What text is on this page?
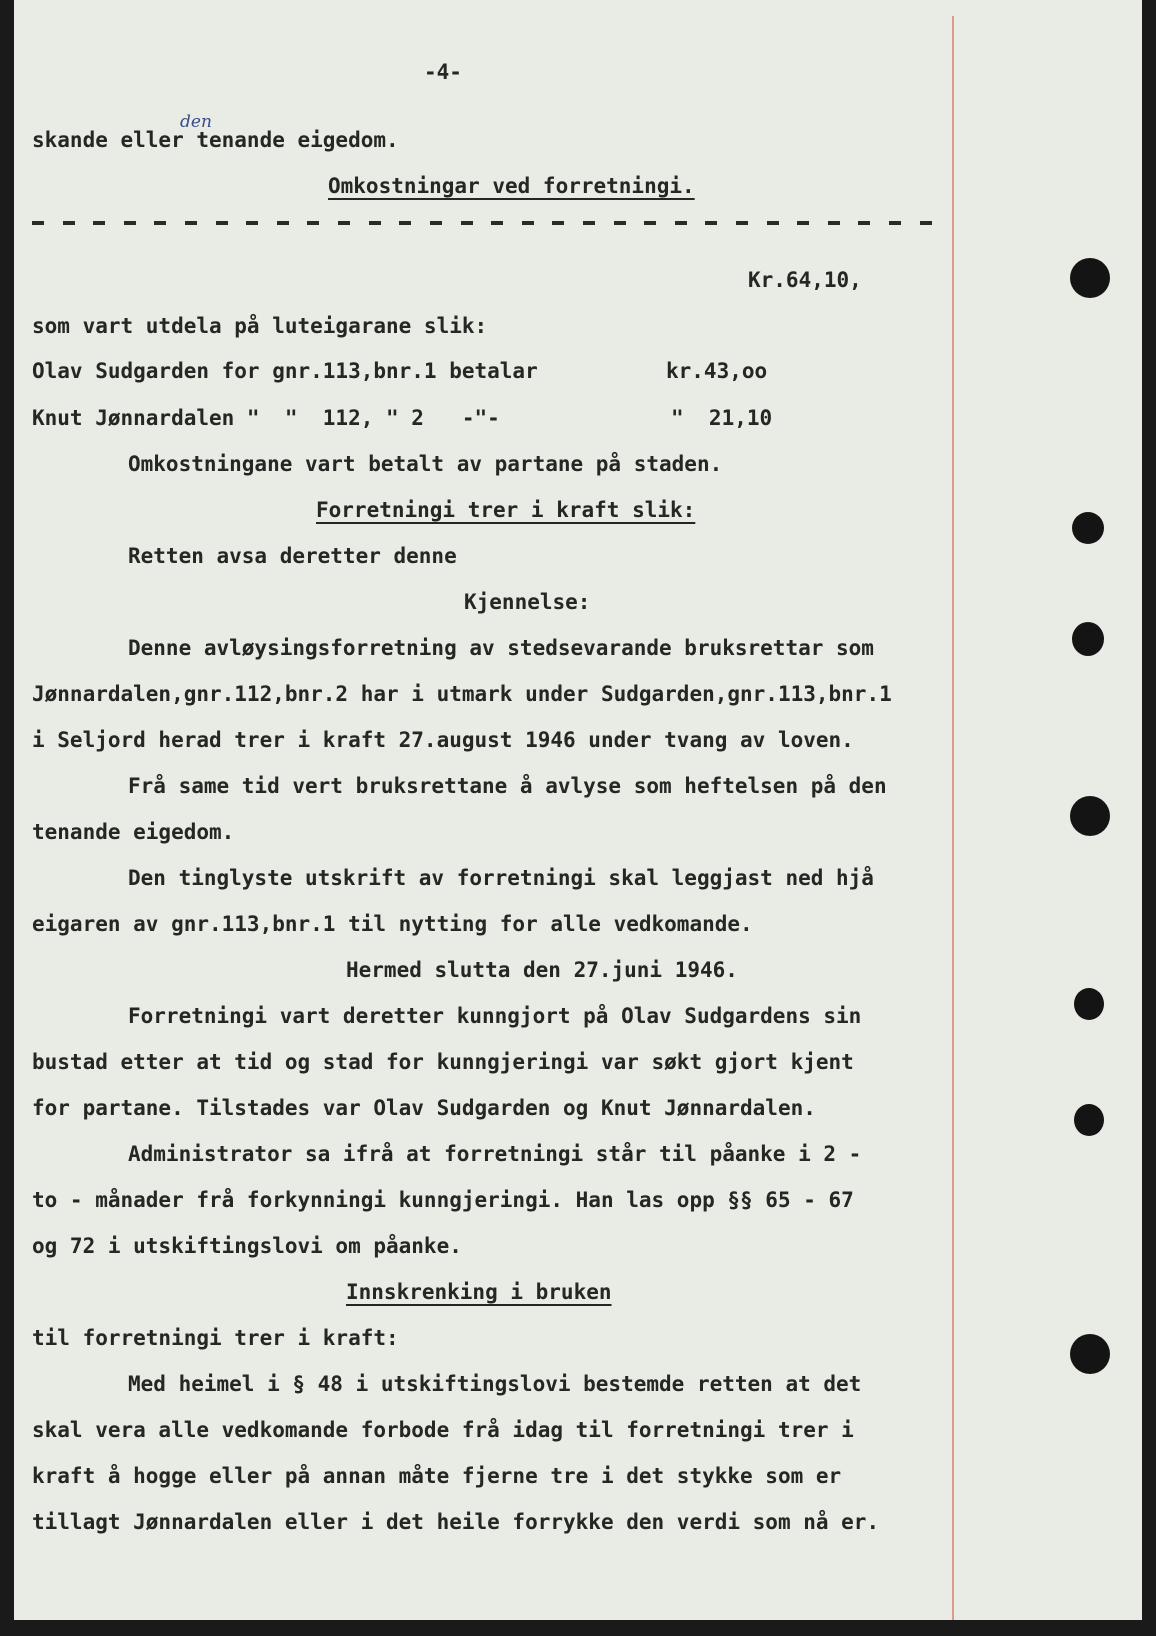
-4-
den
skande eller tenande eigedom.
Omkostningar ved forretningi.
Kr.64,10,
som vart utdela på luteigarane slik:
Olav Sudgarden for gnr.113,bnr.1 betalar	kr.43,oo
Knut Jønnardalen "  "  112, " 2   -"-	"  21,10
Omkostningane vart betalt av partane på staden.
Forretningi trer i kraft slik:
Retten avsa deretter denne
Kjennelse:
Denne avløysingsforretning av stedsevarande bruksrettar som
Jønnardalen,gnr.112,bnr.2 har i utmark under Sudgarden,gnr.113,bnr.1
i Seljord herad trer i kraft 27.august 1946 under tvang av loven.
Frå same tid vert bruksrettane å avlyse som heftelsen på den
tenande eigedom.
Den tinglyste utskrift av forretningi skal leggjast ned hjå
eigaren av gnr.113,bnr.1 til nytting for alle vedkomande.
Hermed slutta den 27.juni 1946.
Forretningi vart deretter kunngjort på Olav Sudgardens sin
bustad etter at tid og stad for kunngjeringi var søkt gjort kjent
for partane. Tilstades var Olav Sudgarden og Knut Jønnardalen.
Administrator sa ifrå at forretningi står til påanke i 2 -
to - månader frå forkynningi kunngjeringi. Han las opp §§ 65 - 67
og 72 i utskiftingslovi om påanke.
Innskrenking i bruken
til forretningi trer i kraft:
Med heimel i § 48 i utskiftingslovi bestemde retten at det
skal vera alle vedkomande forbode frå idag til forretningi trer i
kraft å hogge eller på annan måte fjerne tre i det stykke som er
tillagt Jønnardalen eller i det heile forrykke den verdi som nå er.
